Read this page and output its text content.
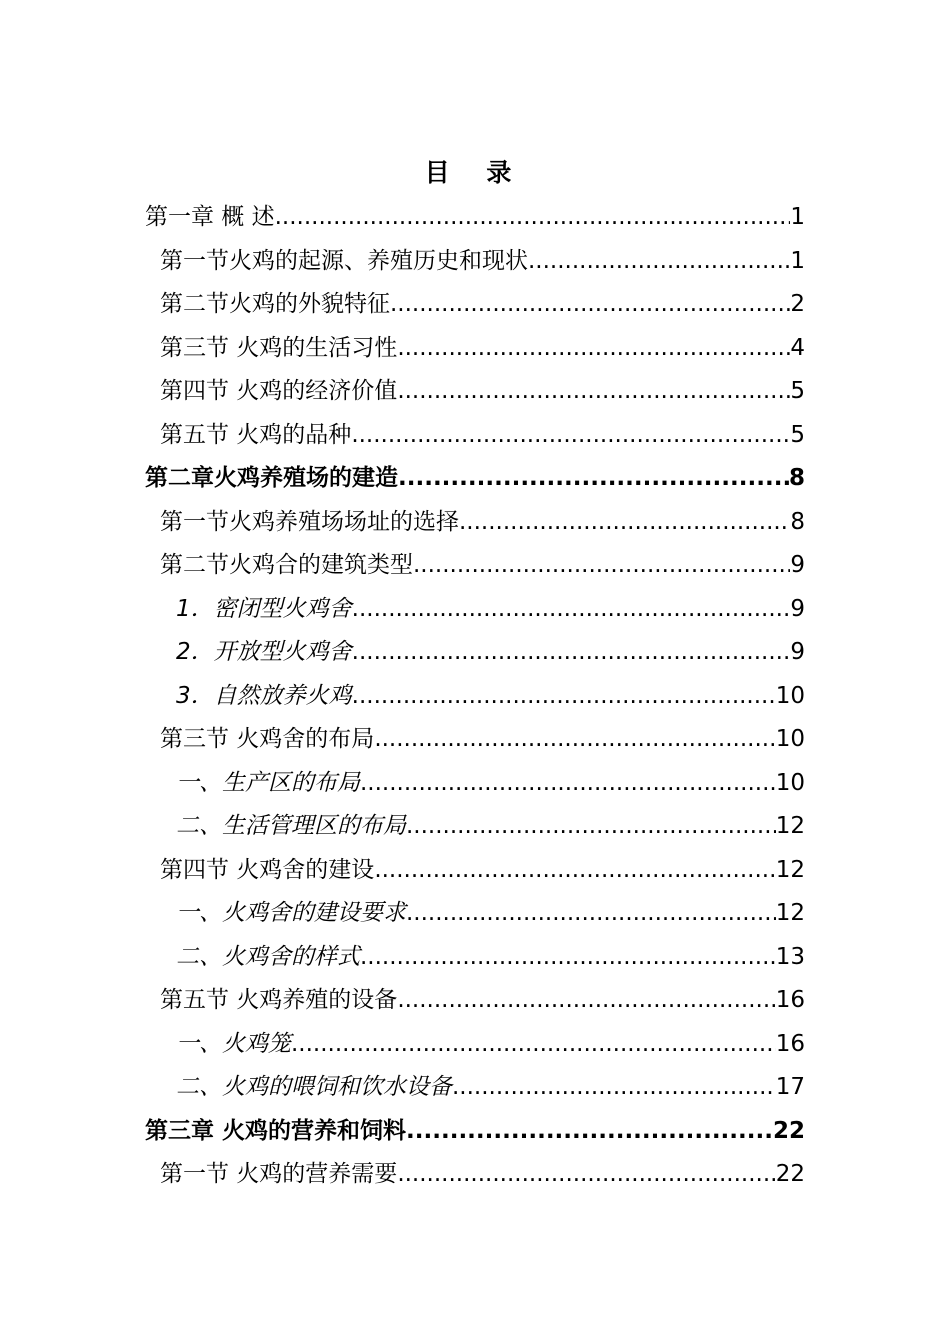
目 录
第一章 概 述 .....	1
第一节火鸡的起源、养殖历史和现状 .....	1
第二节火鸡的外貌特征 .....	2
第三节 火鸡的生活习性 .....	4
第四节 火鸡的经济价值 .....	5
第五节 火鸡的品种 .....	5
第二章火鸡养殖场的建造 .....	8
第一节火鸡养殖场场址的选择 .....	8
第二节火鸡合的建筑类型 .....	9
1．密闭型火鸡舍 .....	9
2．开放型火鸡舍 .....	9
3．自然放养火鸡 .....	10
第三节 火鸡舍的布局 .....	10
一、生产区的布局 .....	10
二、生活管理区的布局 .....	12
第四节 火鸡舍的建设 .....	12
一、火鸡舍的建设要求 .....	12
二、火鸡舍的样式 .....	13
第五节 火鸡养殖的设备 .....	16
一、火鸡笼 .....	16
二、火鸡的喂饲和饮水设备 .....	17
第三章 火鸡的营养和饲料 .....	22
第一节 火鸡的营养需要 .....	22
